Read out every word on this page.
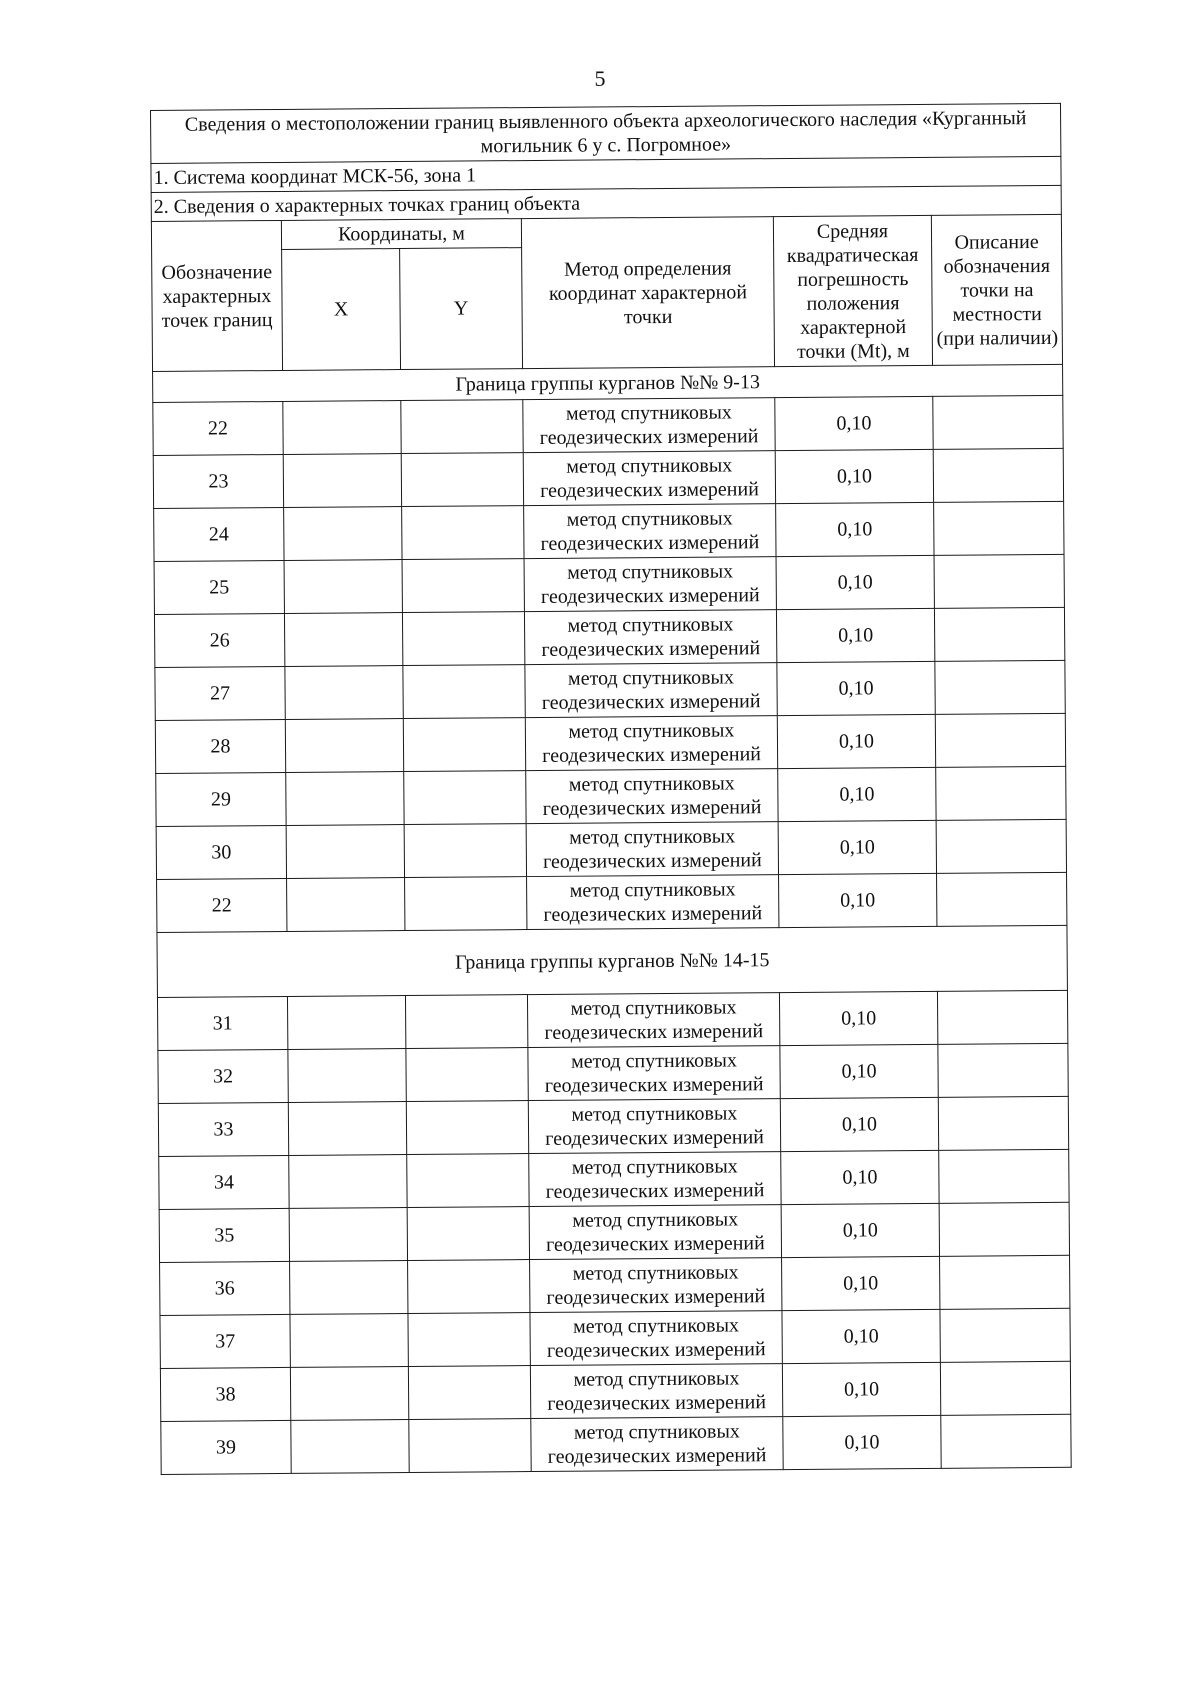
5
Сведения о местоположении границ выявленного объекта археологического наследия «Курганный могильник 6 у с. Погромное»					
1. Система координат МСК-56, зона 1					
2. Сведения о характерных точках границ объекта					
Обозначение характерных точек границ	Координаты, м		Метод определения координат характерной точки	Средняя квадратическая погрешность положения характерной точки (Mt), м	Описание обозначения точки на местности (при наличии)
	X	Y			
Граница группы курганов №№ 9-13					
22			метод спутниковых геодезических измерений	0,10	
23			метод спутниковых геодезических измерений	0,10	
24			метод спутниковых геодезических измерений	0,10	
25			метод спутниковых геодезических измерений	0,10	
26			метод спутниковых геодезических измерений	0,10	
27			метод спутниковых геодезических измерений	0,10	
28			метод спутниковых геодезических измерений	0,10	
29			метод спутниковых геодезических измерений	0,10	
30			метод спутниковых геодезических измерений	0,10	
22			метод спутниковых геодезических измерений	0,10	
Граница группы курганов №№ 14-15					
31			метод спутниковых геодезических измерений	0,10	
32			метод спутниковых геодезических измерений	0,10	
33			метод спутниковых геодезических измерений	0,10	
34			метод спутниковых геодезических измерений	0,10	
35			метод спутниковых геодезических измерений	0,10	
36			метод спутниковых геодезических измерений	0,10	
37			метод спутниковых геодезических измерений	0,10	
38			метод спутниковых геодезических измерений	0,10	
39			метод спутниковых геодезических измерений	0,10	
